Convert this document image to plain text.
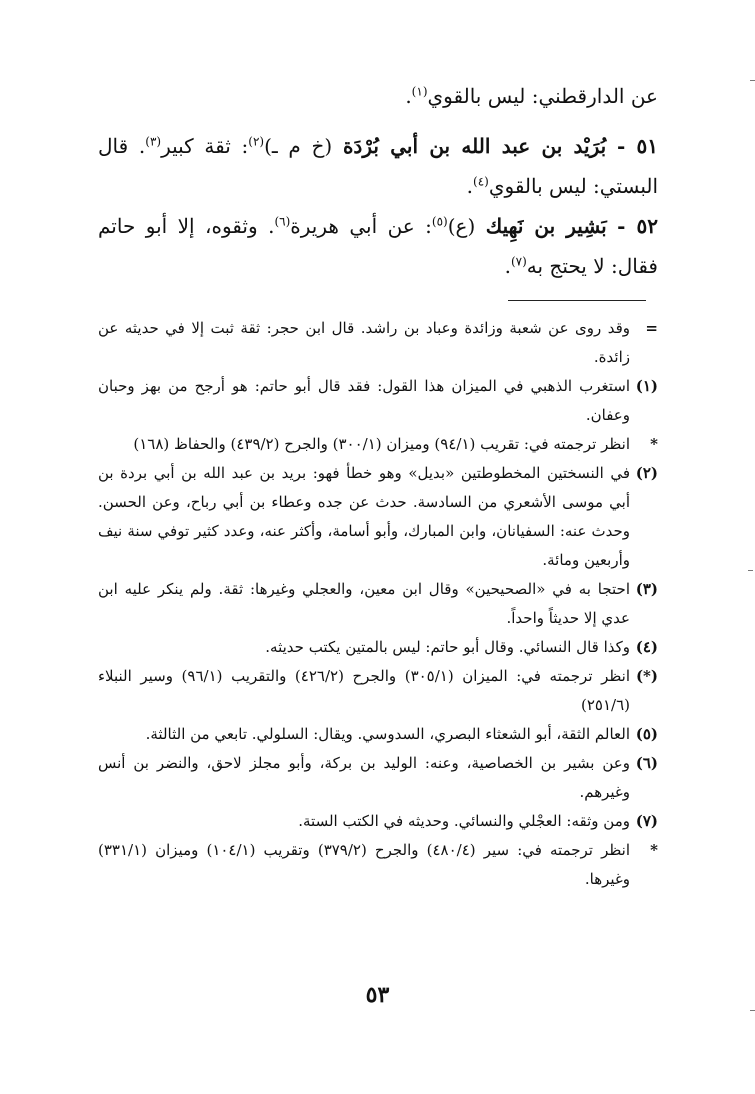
عن الدارقطني: ليس بالقوي$^{(١)}$.

٥١ - بُرَيْد بن عبد الله بن أبي بُرْدَة (خ م ـ)$^{(٢)}$: ثقة كبير$^{(٣)}$. قال البستي: ليس بالقوي$^{(٤)}$.

٥٢ - بَشِير بن نَهِيك (ع)$^{(٥)}$: عن أبي هريرة$^{(٦)}$. وثقوه، إلا أبو حاتم فقال: لا يحتج به$^{(٧)}$.

=
وقد روى عن شعبة وزائدة وعباد بن راشد. قال ابن حجر: ثقة ثبت إلا في حديثه عن زائدة.
(١)
استغرب الذهبي في الميزان هذا القول: فقد قال أبو حاتم: هو أرجح من بهز وحبان وعفان.
*
انظر ترجمته في: تقريب (٩٤/١) وميزان (٣٠٠/١) والجرح (٤٣٩/٢) والحفاظ (١٦٨)
(٢)
في النسختين المخطوطتين «بديل» وهو خطأ فهو: بريد بن عبد الله بن أبي بردة بن أبي موسى الأشعري من السادسة. حدث عن جده وعطاء بن أبي رباح، وعن الحسن. وحدث عنه: السفيانان، وابن المبارك، وأبو أسامة، وأكثر عنه، وعدد كثير توفي سنة نيف وأربعين ومائة.
(٣)
احتجا به في «الصحيحين» وقال ابن معين، والعجلي وغيرها: ثقة. ولم ينكر عليه ابن عدي إلا حديثاً واحداً.
(٤)
وكذا قال النسائي. وقال أبو حاتم: ليس بالمتين يكتب حديثه.
(*)
انظر ترجمته في: الميزان (٣٠٥/١) والجرح (٤٢٦/٢) والتقريب (٩٦/١) وسير النبلاء (٢٥١/٦)
(٥)
العالم الثقة، أبو الشعثاء البصري، السدوسي. ويقال: السلولي. تابعي من الثالثة.
(٦)
وعن بشير بن الخصاصية، وعنه: الوليد بن بركة، وأبو مجلز لاحق، والنضر بن أنس وغيرهم.
(٧)
ومن وثقه: العجْلي والنسائي. وحديثه في الكتب الستة.
*
انظر ترجمته في: سير (٤٨٠/٤) والجرح (٣٧٩/٢) وتقريب (١٠٤/١) وميزان (٣٣١/١) وغيرها.
٥٣
